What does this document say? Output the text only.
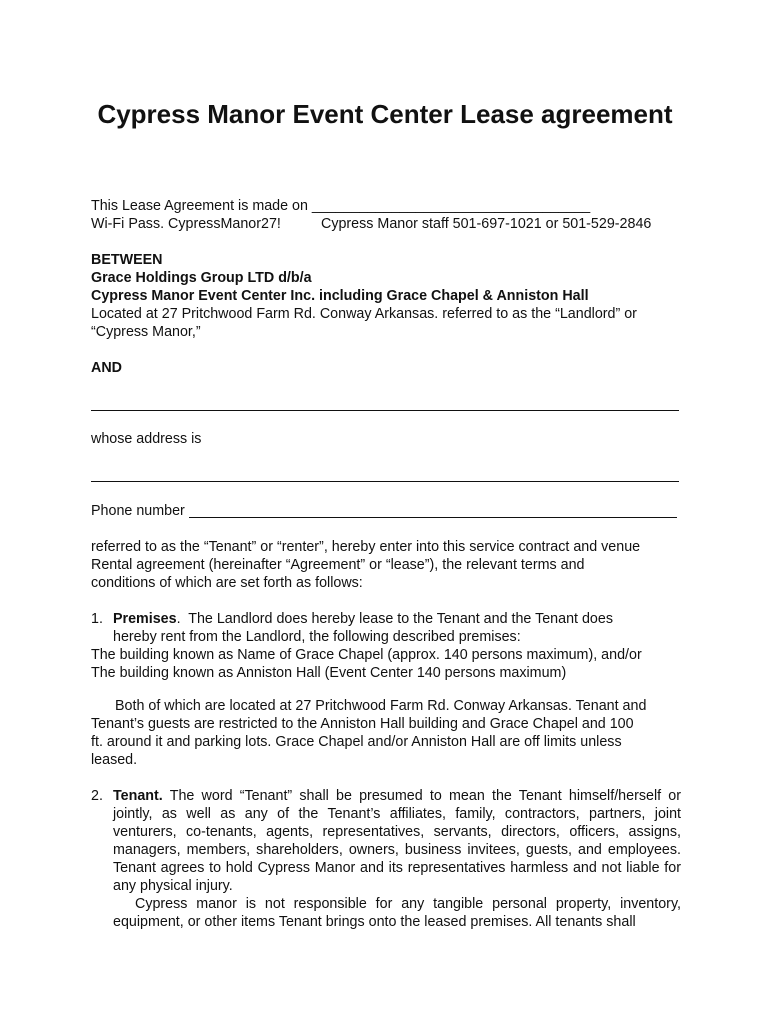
Cypress Manor Event Center Lease agreement
This Lease Agreement is made on ___________________________________
Wi-Fi Pass. CypressManor27!	Cypress Manor staff 501-697-1021 or 501-529-2846
BETWEEN
Grace Holdings Group LTD d/b/a
Cypress Manor Event Center Inc. including Grace Chapel & Anniston Hall
Located at 27 Pritchwood Farm Rd. Conway Arkansas. referred to as the “Landlord” or
“Cypress Manor,”
AND
whose address is
Phone number
referred to as the “Tenant” or “renter”, hereby enter into this service contract and venue
Rental agreement (hereinafter “Agreement” or “lease”), the relevant terms and
conditions of which are set forth as follows:
1. Premises.  The Landlord does hereby lease to the Tenant and the Tenant does
hereby rent from the Landlord, the following described premises:
The building known as Name of Grace Chapel (approx. 140 persons maximum), and/or
The building known as Anniston Hall (Event Center 140 persons maximum)
Both of which are located at 27 Pritchwood Farm Rd. Conway Arkansas. Tenant and
Tenant’s guests are restricted to the Anniston Hall building and Grace Chapel and 100
ft. around it and parking lots. Grace Chapel and/or Anniston Hall are off limits unless
leased.
2. Tenant. The word “Tenant” shall be presumed to mean the Tenant himself/herself or jointly, as well as any of the Tenant’s affiliates, family, contractors, partners, joint venturers, co-tenants, agents, representatives, servants, directors, officers, assigns, managers, members, shareholders, owners, business invitees, guests, and employees. Tenant agrees to hold Cypress Manor and its representatives harmless and not liable for any physical injury.
Cypress manor is not responsible for any tangible personal property, inventory, equipment, or other items Tenant brings onto the leased premises. All tenants shall
